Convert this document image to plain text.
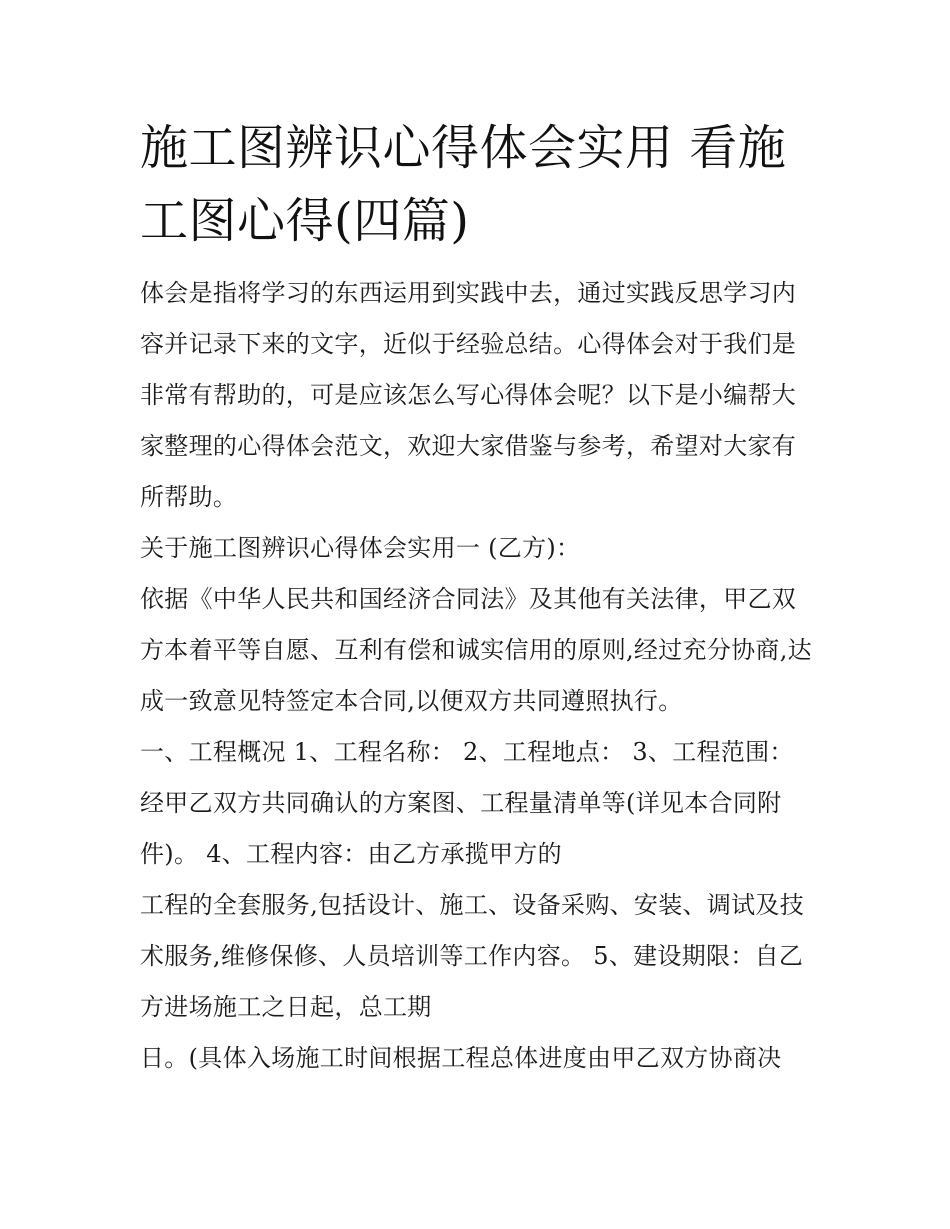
施工图辨识心得体会实用 看施工图心得(四篇)

体会是指将学习的东西运用到实践中去，通过实践反思学习内容并记录下来的文字，近似于经验总结。心得体会对于我们是非常有帮助的，可是应该怎么写心得体会呢？以下是小编帮大家整理的心得体会范文，欢迎大家借鉴与参考，希望对大家有所帮助。

关于施工图辨识心得体会实用一 (乙方)：

依据《中华人民共和国经济合同法》及其他有关法律，甲乙双方本着平等自愿、互利有偿和诚实信用的原则,经过充分协商,达成一致意见特签定本合同,以便双方共同遵照执行。

一、工程概况 1、工程名称： 2、工程地点： 3、工程范围：

经甲乙双方共同确认的方案图、工程量清单等(详见本合同附件)。 4、工程内容：由乙方承揽甲方的

工程的全套服务,包括设计、施工、设备采购、安装、调试及技术服务,维修保修、人员培训等工作内容。 5、建设期限：自乙方进场施工之日起，总工期

日。(具体入场施工时间根据工程总体进度由甲乙双方协商决
